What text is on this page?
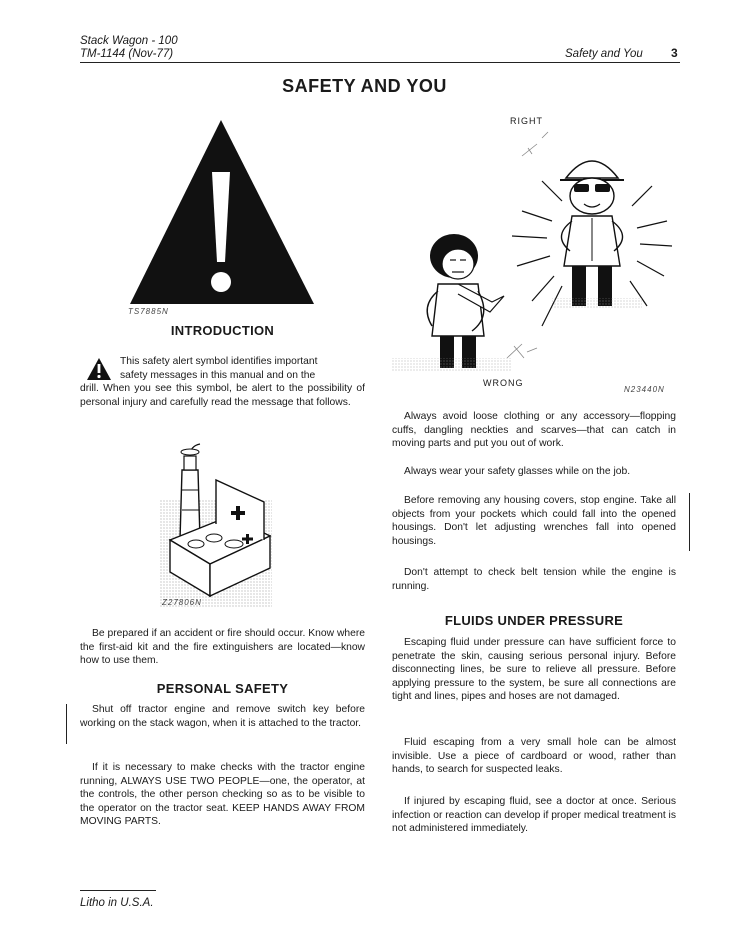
Stack Wagon - 100
TM-1144 (Nov-77)	Safety and You 3
SAFETY AND YOU
TS7885N
INTRODUCTION
This safety alert symbol identifies important
safety messages in this manual and on the
drill. When you see this symbol, be alert to the possibility of personal injury and carefully read the message that follows.
Z27806N
Be prepared if an accident or fire should occur. Know where the first-aid kit and the fire extinguishers are located—know how to use them.
PERSONAL SAFETY
Shut off tractor engine and remove switch key before working on the stack wagon, when it is attached to the tractor.
If it is necessary to make checks with the tractor engine running, ALWAYS USE TWO PEOPLE—one, the operator, at the controls, the other person checking so as to be visible to the operator on the tractor seat. KEEP HANDS AWAY FROM MOVING PARTS.
RIGHT
WRONG
N23440N
Always avoid loose clothing or any accessory—flopping cuffs, dangling neckties and scarves—that can catch in moving parts and put you out of work.
Always wear your safety glasses while on the job.
Before removing any housing covers, stop engine. Take all objects from your pockets which could fall into the opened housings. Don't let adjusting wrenches fall into opened housings.
Don't attempt to check belt tension while the engine is running.
FLUIDS UNDER PRESSURE
Escaping fluid under pressure can have sufficient force to penetrate the skin, causing serious personal injury. Before disconnecting lines, be sure to relieve all pressure. Before applying pressure to the system, be sure all connections are tight and lines, pipes and hoses are not damaged.
Fluid escaping from a very small hole can be almost invisible. Use a piece of cardboard or wood, rather than hands, to search for suspected leaks.
If injured by escaping fluid, see a doctor at once. Serious infection or reaction can develop if proper medical treatment is not administered immediately.
Litho in U.S.A.
